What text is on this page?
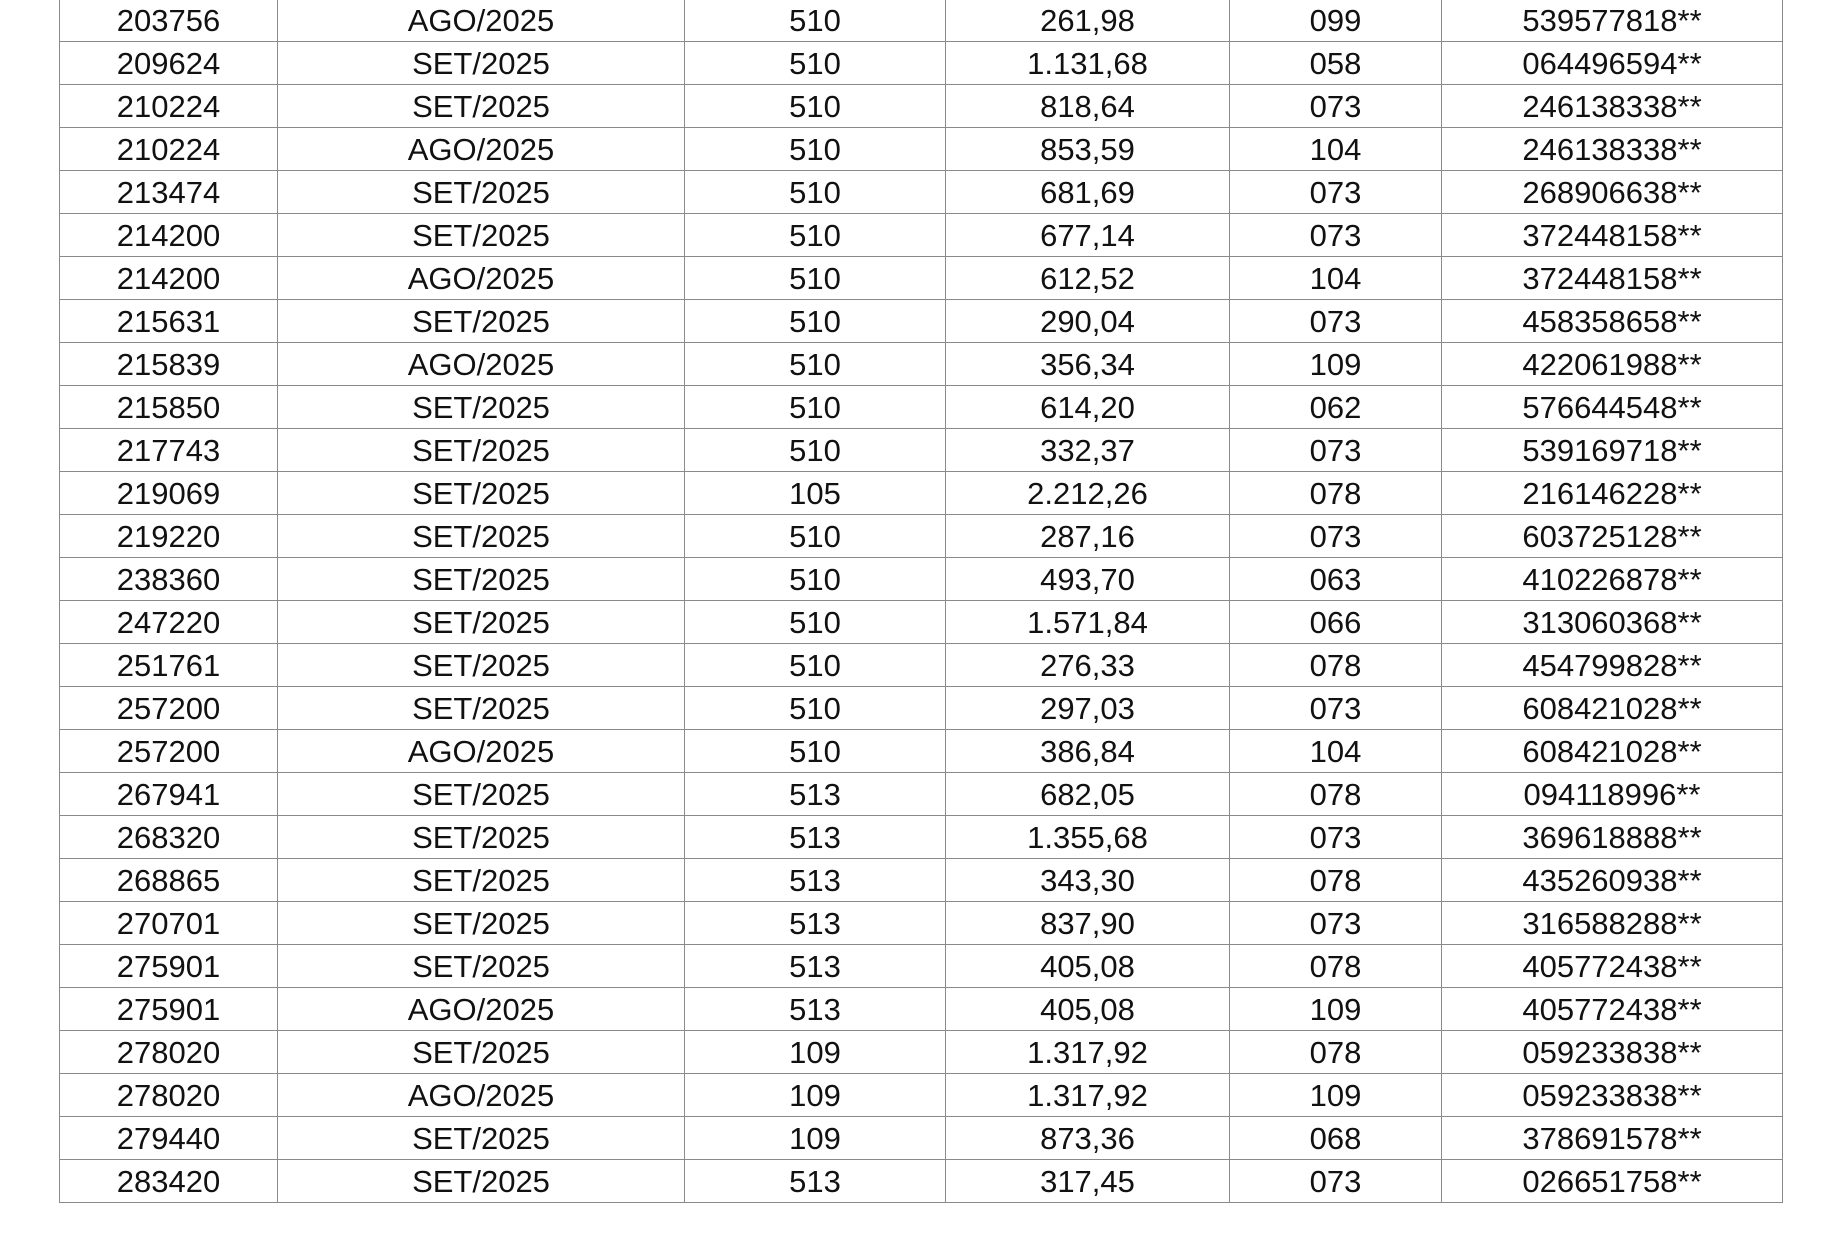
203756	AGO/2025	510	261,98	099	539577818**
209624	SET/2025	510	1.131,68	058	064496594**
210224	SET/2025	510	818,64	073	246138338**
210224	AGO/2025	510	853,59	104	246138338**
213474	SET/2025	510	681,69	073	268906638**
214200	SET/2025	510	677,14	073	372448158**
214200	AGO/2025	510	612,52	104	372448158**
215631	SET/2025	510	290,04	073	458358658**
215839	AGO/2025	510	356,34	109	422061988**
215850	SET/2025	510	614,20	062	576644548**
217743	SET/2025	510	332,37	073	539169718**
219069	SET/2025	105	2.212,26	078	216146228**
219220	SET/2025	510	287,16	073	603725128**
238360	SET/2025	510	493,70	063	410226878**
247220	SET/2025	510	1.571,84	066	313060368**
251761	SET/2025	510	276,33	078	454799828**
257200	SET/2025	510	297,03	073	608421028**
257200	AGO/2025	510	386,84	104	608421028**
267941	SET/2025	513	682,05	078	094118996**
268320	SET/2025	513	1.355,68	073	369618888**
268865	SET/2025	513	343,30	078	435260938**
270701	SET/2025	513	837,90	073	316588288**
275901	SET/2025	513	405,08	078	405772438**
275901	AGO/2025	513	405,08	109	405772438**
278020	SET/2025	109	1.317,92	078	059233838**
278020	AGO/2025	109	1.317,92	109	059233838**
279440	SET/2025	109	873,36	068	378691578**
283420	SET/2025	513	317,45	073	026651758**
